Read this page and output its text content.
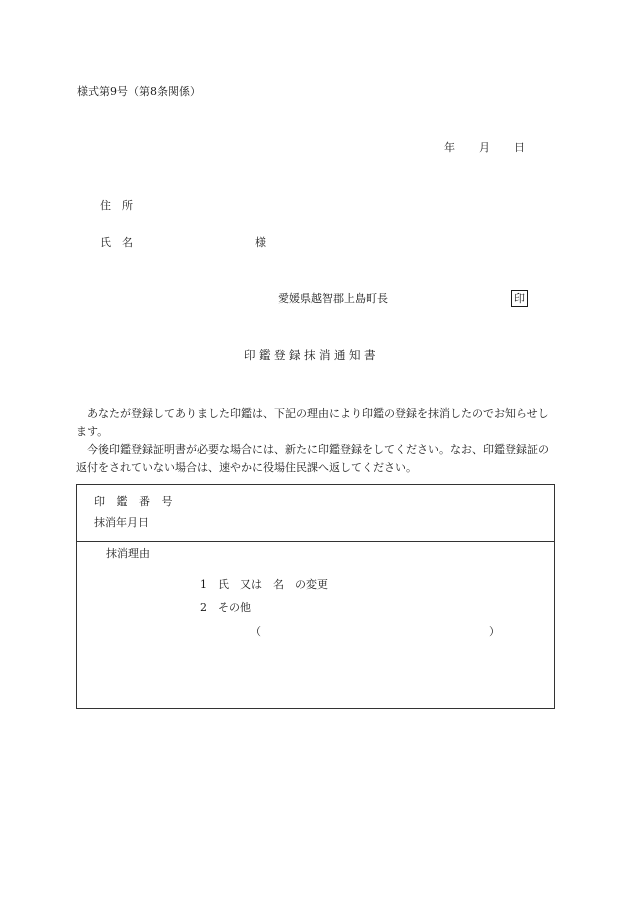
様式第9号（第8条関係）
年 月 日
住　所
氏　名	様
愛媛県越智郡上島町長	印
印鑑登録抹消通知書

あなたが登録してありました印鑑は、下記の理由により印鑑の登録を抹消したのでお知らせします。

今後印鑑登録証明書が必要な場合には、新たに印鑑登録をしてください。なお、印鑑登録証の返付をされていない場合は、速やかに役場住民課へ返してください。

印 鑑 番 号
抹消年月日
抹消理由
1　氏　又は　名　の変更
2　その他
（	）
